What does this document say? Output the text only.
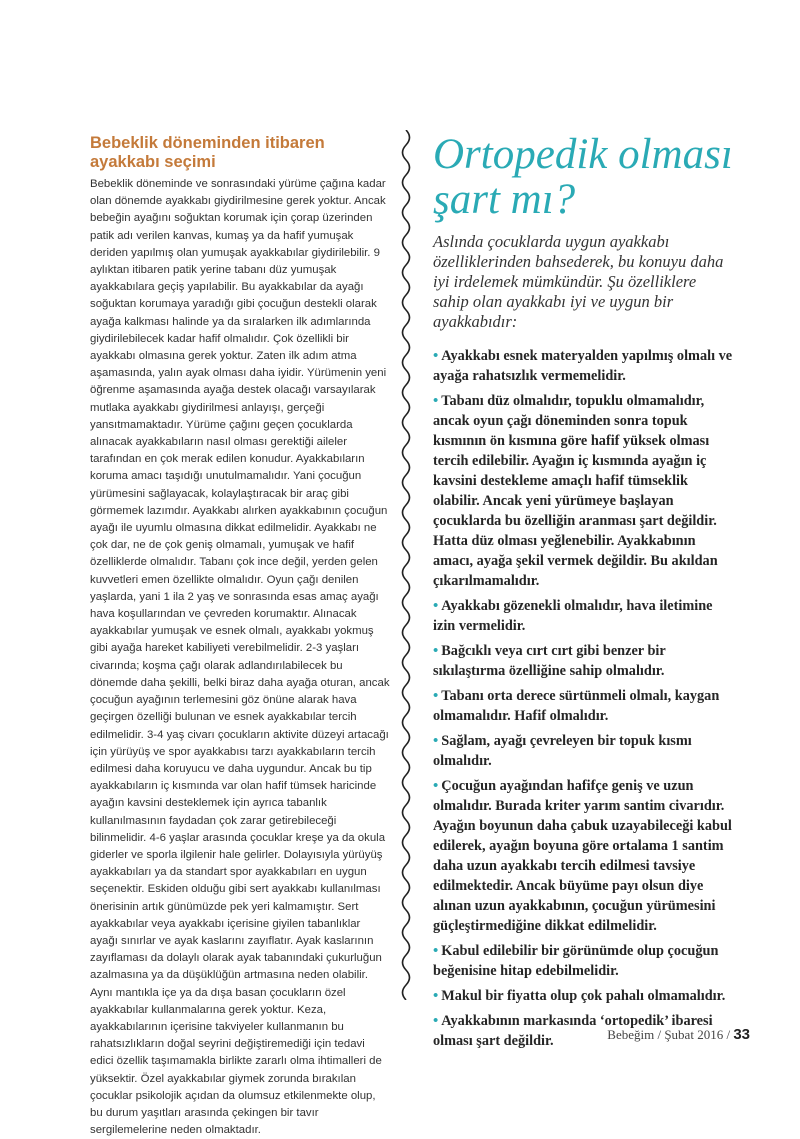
Bebeklik döneminden itibaren ayakkabı seçimi

Bebeklik döneminde ve sonrasındaki yürüme çağına kadar olan dönemde ayakkabı giydirilmesine gerek yoktur. Ancak bebeğin ayağını soğuktan korumak için çorap üzerinden patik adı verilen kanvas, kumaş ya da hafif yumuşak deriden yapılmış olan yumuşak ayakkabılar giydirilebilir. 9 aylıktan itibaren patik yerine tabanı düz yumuşak ayakkabılara geçiş yapılabilir. Bu ayakkabılar da ayağı soğuktan korumaya yaradığı gibi çocuğun destekli olarak ayağa kalkması halinde ya da sıralarken ilk adımlarında giydirilebilecek kadar hafif olmalıdır. Çok özellikli bir ayakkabı olmasına gerek yoktur. Zaten ilk adım atma aşamasında, yalın ayak olması daha iyidir. Yürümenin yeni öğrenme aşamasında ayağa destek olacağı varsayılarak mutlaka ayakkabı giydirilmesi anlayışı, gerçeği yansıtmamaktadır. Yürüme çağını geçen çocuklarda alınacak ayakkabıların nasıl olması gerektiği aileler tarafından en çok merak edilen konudur. Ayakkabıların koruma amacı taşıdığı unutulmamalıdır. Yani çocuğun yürümesini sağlayacak, kolaylaştıracak bir araç gibi görmemek lazımdır. Ayakkabı alırken ayakkabının çocuğun ayağı ile uyumlu olmasına dikkat edilmelidir. Ayakkabı ne çok dar, ne de çok geniş olmamalı, yumuşak ve hafif özelliklerde olmalıdır. Tabanı çok ince değil, yerden gelen kuvvetleri emen özellikte olmalıdır. Oyun çağı denilen yaşlarda, yani 1 ila 2 yaş ve sonrasında esas amaç ayağı hava koşullarından ve çevreden korumaktır. Alınacak ayakkabılar yumuşak ve esnek olmalı, ayakkabı yokmuş gibi ayağa hareket kabiliyeti verebilmelidir. 2-3 yaşları civarında; koşma çağı olarak adlandırılabilecek bu dönemde daha şekilli, belki biraz daha ayağa oturan, ancak çocuğun ayağının terlemesini göz önüne alarak hava geçirgen özelliği bulunan ve esnek ayakkabılar tercih edilmelidir. 3-4 yaş civarı çocukların aktivite düzeyi artacağı için yürüyüş ve spor ayakkabısı tarzı ayakkabıların tercih edilmesi daha koruyucu ve daha uygundur. Ancak bu tip ayakkabıların iç kısmında var olan hafif tümsek haricinde ayağın kavsini desteklemek için ayrıca tabanlık kullanılmasının faydadan çok zarar getirebileceği bilinmelidir. 4-6 yaşlar arasında çocuklar kreşe ya da okula giderler ve sporla ilgilenir hale gelirler. Dolayısıyla yürüyüş ayakkabıları ya da standart spor ayakkabıları en uygun seçenektir. Eskiden olduğu gibi sert ayakkabı kullanılması önerisinin artık günümüzde pek yeri kalmamıştır. Sert ayakkabılar veya ayakkabı içerisine giyilen tabanlıklar ayağı sınırlar ve ayak kaslarını zayıflatır. Ayak kaslarının zayıflaması da dolaylı olarak ayak tabanındaki çukurluğun azalmasına ya da düşüklüğün artmasına neden olabilir. Aynı mantıkla içe ya da dışa basan çocukların özel ayakkabılar kullanmalarına gerek yoktur. Keza, ayakkabılarının içerisine takviyeler kullanmanın bu rahatsızlıkların doğal seyrini değiştiremediği için tedavi edici özellik taşımamakla birlikte zararlı olma ihtimalleri de yüksektir. Özel ayakkabılar giymek zorunda bırakılan çocuklar psikolojik açıdan da olumsuz etkilenmekte olup, bu durum yaşıtları arasında çekingen bir tavır sergilemelerine neden olmaktadır.

Ortopedik olması şart mı?

Aslında çocuklarda uygun ayakkabı özelliklerinden bahsederek, bu konuyu daha iyi irdelemek mümkündür. Şu özelliklere sahip olan ayakkabı iyi ve uygun bir ayakkabıdır:

• Ayakkabı esnek materyalden yapılmış olmalı ve ayağa rahatsızlık vermemelidir.
• Tabanı düz olmalıdır, topuklu olmamalıdır, ancak oyun çağı döneminden sonra topuk kısmının ön kısmına göre hafif yüksek olması tercih edilebilir. Ayağın iç kısmında ayağın iç kavsini destekleme amaçlı hafif tümseklik olabilir. Ancak yeni yürümeye başlayan çocuklarda bu özelliğin aranması şart değildir. Hatta düz olması yeğlenebilir. Ayakkabının amacı, ayağa şekil vermek değildir. Bu akıldan çıkarılmamalıdır.
• Ayakkabı gözenekli olmalıdır, hava iletimine izin vermelidir.
• Bağcıklı veya cırt cırt gibi benzer bir sıkılaştırma özelliğine sahip olmalıdır.
• Tabanı orta derece sürtünmeli olmalı, kaygan olmamalıdır. Hafif olmalıdır.
• Sağlam, ayağı çevreleyen bir topuk kısmı olmalıdır.
• Çocuğun ayağından hafifçe geniş ve uzun olmalıdır. Burada kriter yarım santim civarıdır. Ayağın boyunun daha çabuk uzayabileceği kabul edilerek, ayağın boyuna göre ortalama 1 santim daha uzun ayakkabı tercih edilmesi tavsiye edilmektedir. Ancak büyüme payı olsun diye alınan uzun ayakkabının, çocuğun yürümesini güçleştirmediğine dikkat edilmelidir.
• Kabul edilebilir bir görünümde olup çocuğun beğenisine hitap edebilmelidir.
• Makul bir fiyatta olup çok pahalı olmamalıdır.
• Ayakkabının markasında ‘ortopedik’ ibaresi olması şart değildir.	Bebeğim / Şubat 2016 / 33
